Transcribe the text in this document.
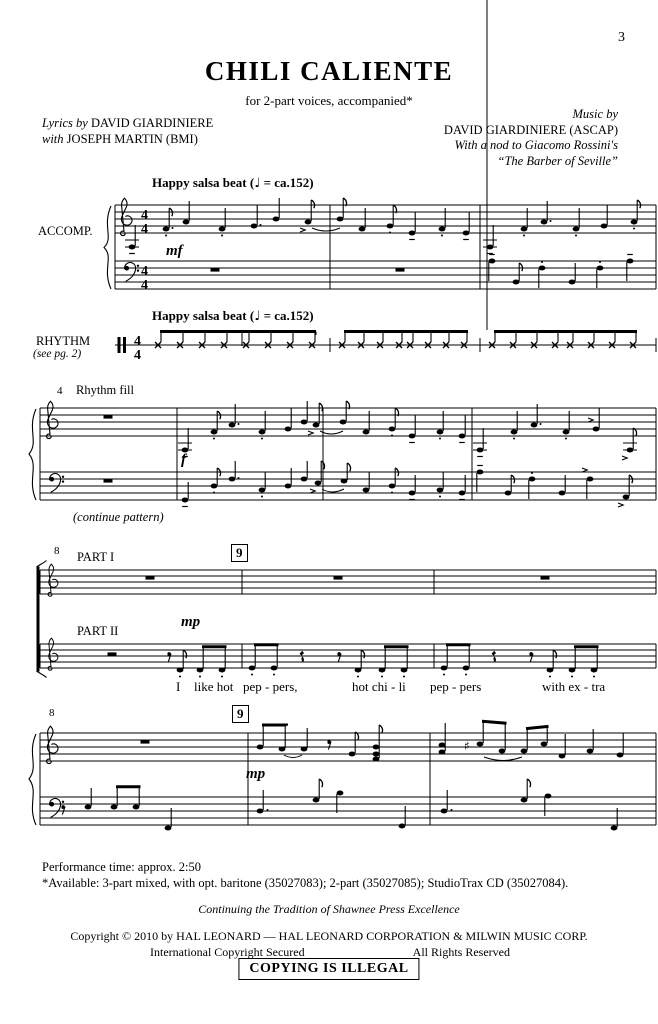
4
4
4
4
4
4
♯
3
CHILI CALIENTE
for 2-part voices, accompanied*
Lyrics by DAVID GIARDINIERE
with JOSEPH MARTIN (BMI)
Music by
DAVID GIARDINIERE (ASCAP)
With a nod to Giacomo Rossini's
“The Barber of Seville”
Happy salsa beat (♩ = ca.152)
ACCOMP.
mf
Happy salsa beat (♩ = ca.152)
RHYTHM
(see pg. 2)
4 Rhythm fill
f
(continue pattern)
8 PART I	9
PART II
mp
I like hot pep - pers,	hot chi - li pep - pers	with ex - tra
8	9
mp
Performance time: approx. 2:50
*Available: 3-part mixed, with opt. baritone (35027083); 2-part (35027085); StudioTrax CD (35027084).
Continuing the Tradition of Shawnee Press Excellence
Copyright © 2010 by HAL LEONARD — HAL LEONARD CORPORATION & MILWIN MUSIC CORP.
International Copyright Secured	All Rights Reserved
COPYING IS ILLEGAL
